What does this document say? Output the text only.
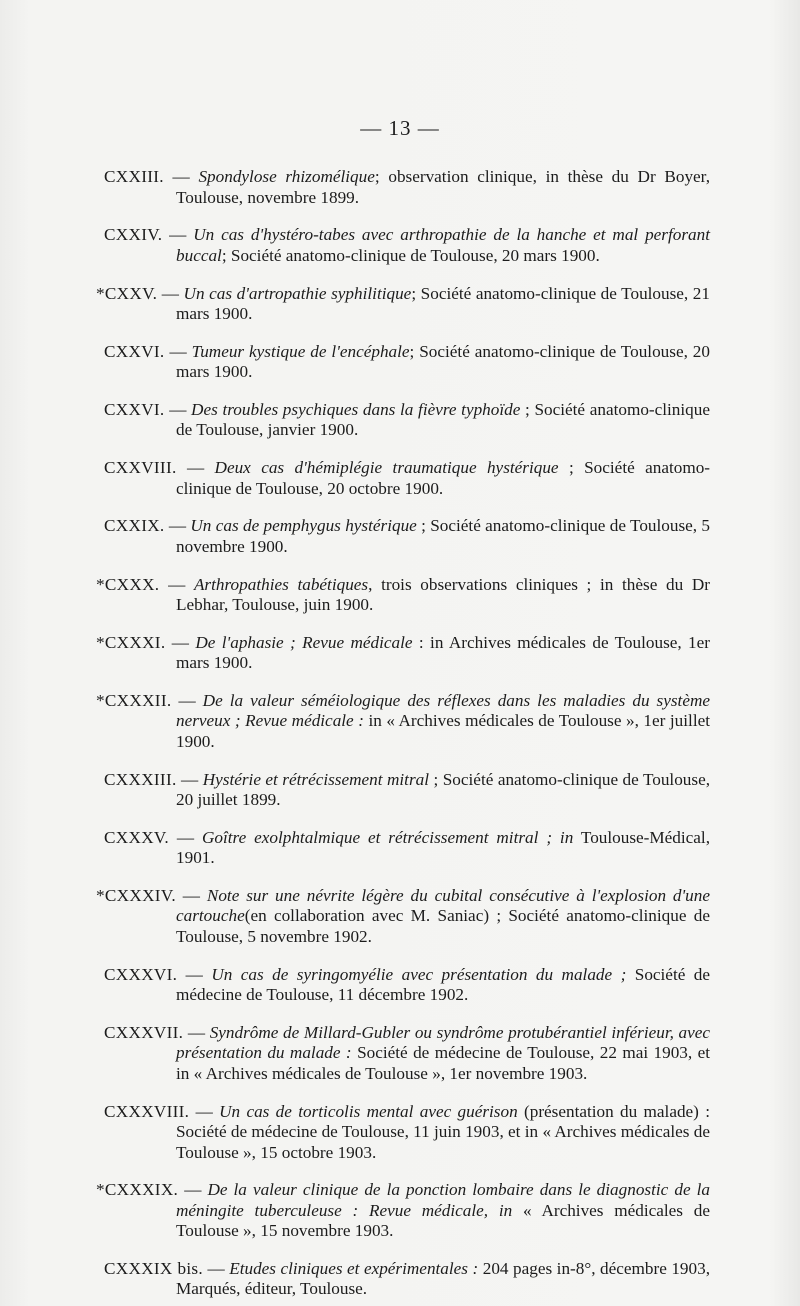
— 13 —

CXXIII. — Spondylose rhizomélique; observation clinique, in thèse du Dr Boyer, Toulouse, novembre 1899.

CXXIV. — Un cas d'hystéro-tabes avec arthropathie de la hanche et mal perforant buccal; Société anatomo-clinique de Toulouse, 20 mars 1900.

*CXXV. — Un cas d'artropathie syphilitique; Société anatomo-clinique de Toulouse, 21 mars 1900.

CXXVI. — Tumeur kystique de l'encéphale; Société anatomo-clinique de Toulouse, 20 mars 1900.

CXXVI. — Des troubles psychiques dans la fièvre typhoïde ; Société anatomo-clinique de Toulouse, janvier 1900.

CXXVIII. — Deux cas d'hémiplégie traumatique hystérique ; Société anatomo-clinique de Toulouse, 20 octobre 1900.

CXXIX. — Un cas de pemphygus hystérique ; Société anatomo-clinique de Toulouse, 5 novembre 1900.

*CXXX. — Arthropathies tabétiques, trois observations cliniques ; in thèse du Dr Lebhar, Toulouse, juin 1900.

*CXXXI. — De l'aphasie ; Revue médicale : in Archives médicales de Toulouse, 1er mars 1900.

*CXXXII. — De la valeur séméiologique des réflexes dans les maladies du système nerveux ; Revue médicale : in « Archives médicales de Toulouse », 1er juillet 1900.

CXXXIII. — Hystérie et rétrécissement mitral ; Société anatomo-clinique de Toulouse, 20 juillet 1899.

CXXXV. — Goître exolphtalmique et rétrécissement mitral ; in Toulouse-Médical, 1901.

*CXXXIV. — Note sur une névrite légère du cubital consécutive à l'explosion d'une cartouche(en collaboration avec M. Saniac) ; Société anatomo-clinique de Toulouse, 5 novembre 1902.

CXXXVI. — Un cas de syringomyélie avec présentation du malade ; Société de médecine de Toulouse, 11 décembre 1902.

CXXXVII. — Syndrôme de Millard-Gubler ou syndrôme protubérantiel inférieur, avec présentation du malade : Société de médecine de Toulouse, 22 mai 1903, et in « Archives médicales de Toulouse », 1er novembre 1903.

CXXXVIII. — Un cas de torticolis mental avec guérison (présentation du malade) : Société de médecine de Toulouse, 11 juin 1903, et in « Archives médicales de Toulouse », 15 octobre 1903.

*CXXXIX. — De la valeur clinique de la ponction lombaire dans le diagnostic de la méningite tuberculeuse : Revue médicale, in « Archives médicales de Toulouse », 15 novembre 1903.

CXXXIX bis. — Etudes cliniques et expérimentales : 204 pages in-8°, décembre 1903, Marqués, éditeur, Toulouse.
